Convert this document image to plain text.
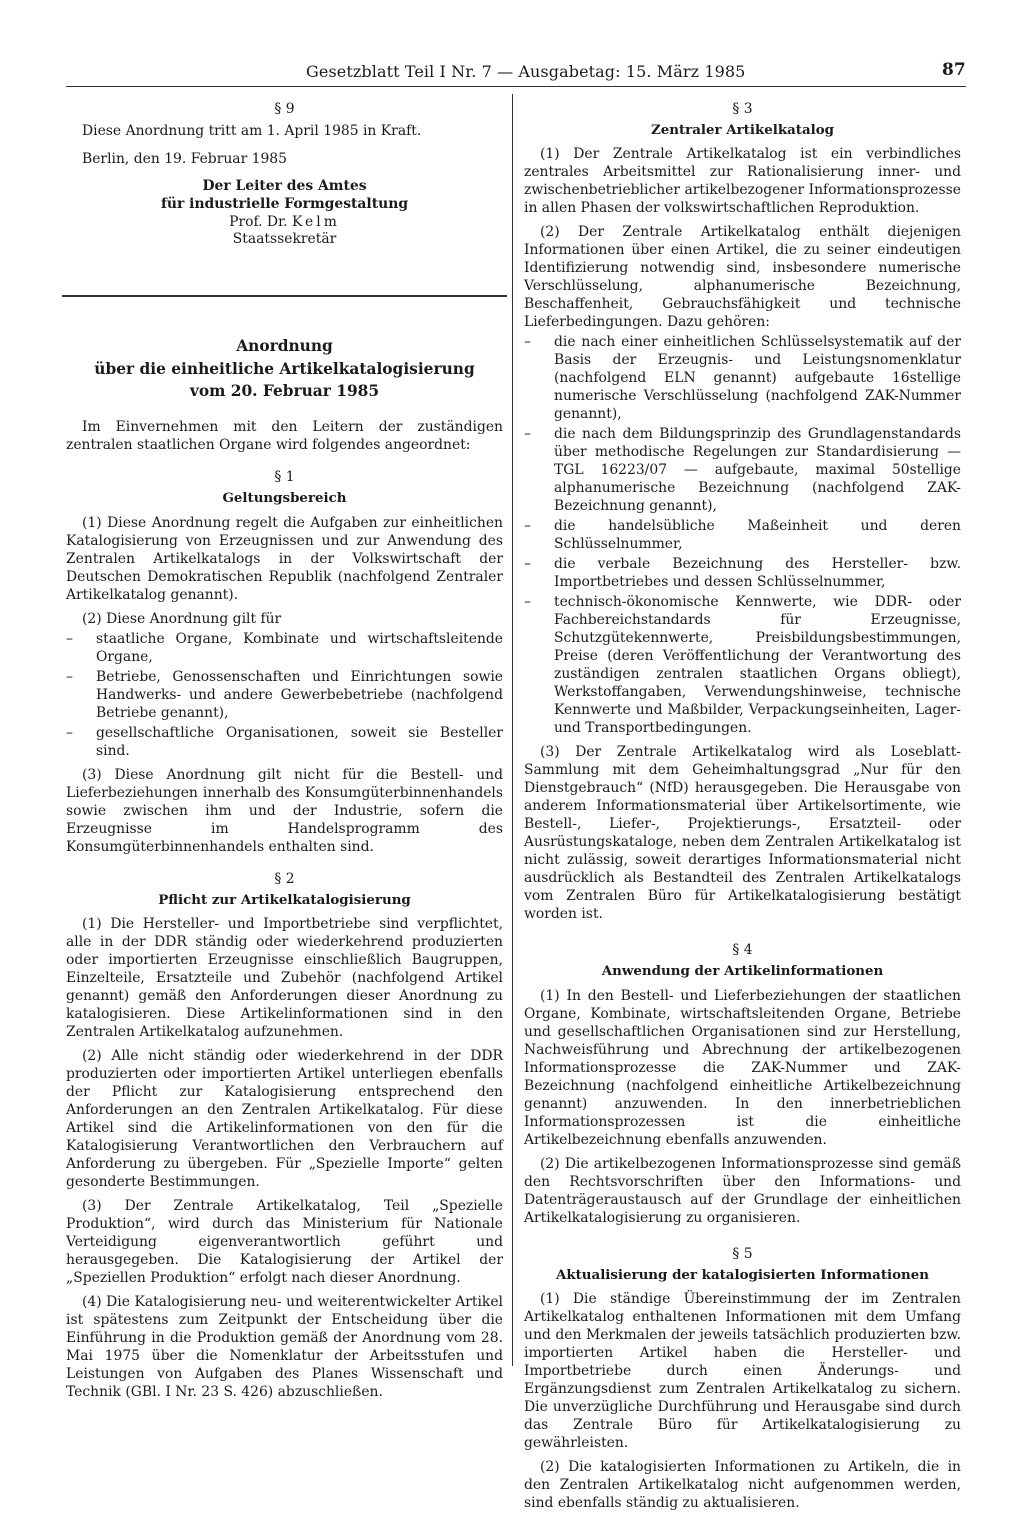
Gesetzblatt Teil I Nr. 7 — Ausgabetag: 15. März 1985	87
§ 9

Diese Anordnung tritt am 1. April 1985 in Kraft.

Berlin, den 19. Februar 1985

Der Leiter des Amtes
für industrielle Formgestaltung
Prof. Dr. Kelm
Staatssekretär
Anordnung
über die einheitliche Artikelkatalogisierung
vom 20. Februar 1985

Im Einvernehmen mit den Leitern der zuständigen zentralen staatlichen Organe wird folgendes angeordnet:

§ 1
Geltungsbereich

(1) Diese Anordnung regelt die Aufgaben zur einheitlichen Katalogisierung von Erzeugnissen und zur Anwendung des Zentralen Artikelkatalogs in der Volkswirtschaft der Deutschen Demokratischen Republik (nachfolgend Zentraler Artikelkatalog genannt).

(2) Diese Anordnung gilt für

– staatliche Organe, Kombinate und wirtschaftsleitende Organe,
– Betriebe, Genossenschaften und Einrichtungen sowie Handwerks- und andere Gewerbebetriebe (nachfolgend Betriebe genannt),
– gesellschaftliche Organisationen, soweit sie Besteller sind.

(3) Diese Anordnung gilt nicht für die Bestell- und Lieferbeziehungen innerhalb des Konsumgüterbinnenhandels sowie zwischen ihm und der Industrie, sofern die Erzeugnisse im Handelsprogramm des Konsumgüterbinnenhandels enthalten sind.

§ 2
Pflicht zur Artikelkatalogisierung

(1) Die Hersteller- und Importbetriebe sind verpflichtet, alle in der DDR ständig oder wiederkehrend produzierten oder importierten Erzeugnisse einschließlich Baugruppen, Einzelteile, Ersatzteile und Zubehör (nachfolgend Artikel genannt) gemäß den Anforderungen dieser Anordnung zu katalogisieren. Diese Artikelinformationen sind in den Zentralen Artikelkatalog aufzunehmen.

(2) Alle nicht ständig oder wiederkehrend in der DDR produzierten oder importierten Artikel unterliegen ebenfalls der Pflicht zur Katalogisierung entsprechend den Anforderungen an den Zentralen Artikelkatalog. Für diese Artikel sind die Artikelinformationen von den für die Katalogisierung Verantwortlichen den Verbrauchern auf Anforderung zu übergeben. Für „Spezielle Importe“ gelten gesonderte Bestimmungen.

(3) Der Zentrale Artikelkatalog, Teil „Spezielle Produktion“, wird durch das Ministerium für Nationale Verteidigung eigenverantwortlich geführt und herausgegeben. Die Katalogisierung der Artikel der „Speziellen Produktion“ erfolgt nach dieser Anordnung.

(4) Die Katalogisierung neu- und weiterentwickelter Artikel ist spätestens zum Zeitpunkt der Entscheidung über die Einführung in die Produktion gemäß der Anordnung vom 28. Mai 1975 über die Nomenklatur der Arbeitsstufen und Leistungen von Aufgaben des Planes Wissenschaft und Technik (GBl. I Nr. 23 S. 426) abzuschließen.

§ 3
Zentraler Artikelkatalog

(1) Der Zentrale Artikelkatalog ist ein verbindliches zentrales Arbeitsmittel zur Rationalisierung inner- und zwischenbetrieblicher artikelbezogener Informationsprozesse in allen Phasen der volkswirtschaftlichen Reproduktion.

(2) Der Zentrale Artikelkatalog enthält diejenigen Informationen über einen Artikel, die zu seiner eindeutigen Identifizierung notwendig sind, insbesondere numerische Verschlüsselung, alphanumerische Bezeichnung, Beschaffenheit, Gebrauchsfähigkeit und technische Lieferbedingungen. Dazu gehören:

– die nach einer einheitlichen Schlüsselsystematik auf der Basis der Erzeugnis- und Leistungsnomenklatur (nachfolgend ELN genannt) aufgebaute 16stellige numerische Verschlüsselung (nachfolgend ZAK-Nummer genannt),
– die nach dem Bildungsprinzip des Grundlagenstandards über methodische Regelungen zur Standardisierung — TGL 16223/07 — aufgebaute, maximal 50stellige alphanumerische Bezeichnung (nachfolgend ZAK-Bezeichnung genannt),
– die handelsübliche Maßeinheit und deren Schlüsselnummer,
– die verbale Bezeichnung des Hersteller- bzw. Importbetriebes und dessen Schlüsselnummer,
– technisch-ökonomische Kennwerte, wie DDR- oder Fachbereichstandards für Erzeugnisse, Schutzgütekennwerte, Preisbildungsbestimmungen, Preise (deren Veröffentlichung der Verantwortung des zuständigen zentralen staatlichen Organs obliegt), Werkstoffangaben, Verwendungshinweise, technische Kennwerte und Maßbilder, Verpackungseinheiten, Lager- und Transportbedingungen.

(3) Der Zentrale Artikelkatalog wird als Loseblatt-Sammlung mit dem Geheimhaltungsgrad „Nur für den Dienstgebrauch“ (NfD) herausgegeben. Die Herausgabe von anderem Informationsmaterial über Artikelsortimente, wie Bestell-, Liefer-, Projektierungs-, Ersatzteil- oder Ausrüstungskataloge, neben dem Zentralen Artikelkatalog ist nicht zulässig, soweit derartiges Informationsmaterial nicht ausdrücklich als Bestandteil des Zentralen Artikelkatalogs vom Zentralen Büro für Artikelkatalogisierung bestätigt worden ist.

§ 4
Anwendung der Artikelinformationen

(1) In den Bestell- und Lieferbeziehungen der staatlichen Organe, Kombinate, wirtschaftsleitenden Organe, Betriebe und gesellschaftlichen Organisationen sind zur Herstellung, Nachweisführung und Abrechnung der artikelbezogenen Informationsprozesse die ZAK-Nummer und ZAK-Bezeichnung (nachfolgend einheitliche Artikelbezeichnung genannt) anzuwenden. In den innerbetrieblichen Informationsprozessen ist die einheitliche Artikelbezeichnung ebenfalls anzuwenden.

(2) Die artikelbezogenen Informationsprozesse sind gemäß den Rechtsvorschriften über den Informations- und Datenträgeraustausch auf der Grundlage der einheitlichen Artikelkatalogisierung zu organisieren.

§ 5
Aktualisierung der katalogisierten Informationen

(1) Die ständige Übereinstimmung der im Zentralen Artikelkatalog enthaltenen Informationen mit dem Umfang und den Merkmalen der jeweils tatsächlich produzierten bzw. importierten Artikel haben die Hersteller- und Importbetriebe durch einen Änderungs- und Ergänzungsdienst zum Zentralen Artikelkatalog zu sichern. Die unverzügliche Durchführung und Herausgabe sind durch das Zentrale Büro für Artikelkatalogisierung zu gewährleisten.

(2) Die katalogisierten Informationen zu Artikeln, die in den Zentralen Artikelkatalog nicht aufgenommen werden, sind ebenfalls ständig zu aktualisieren.
